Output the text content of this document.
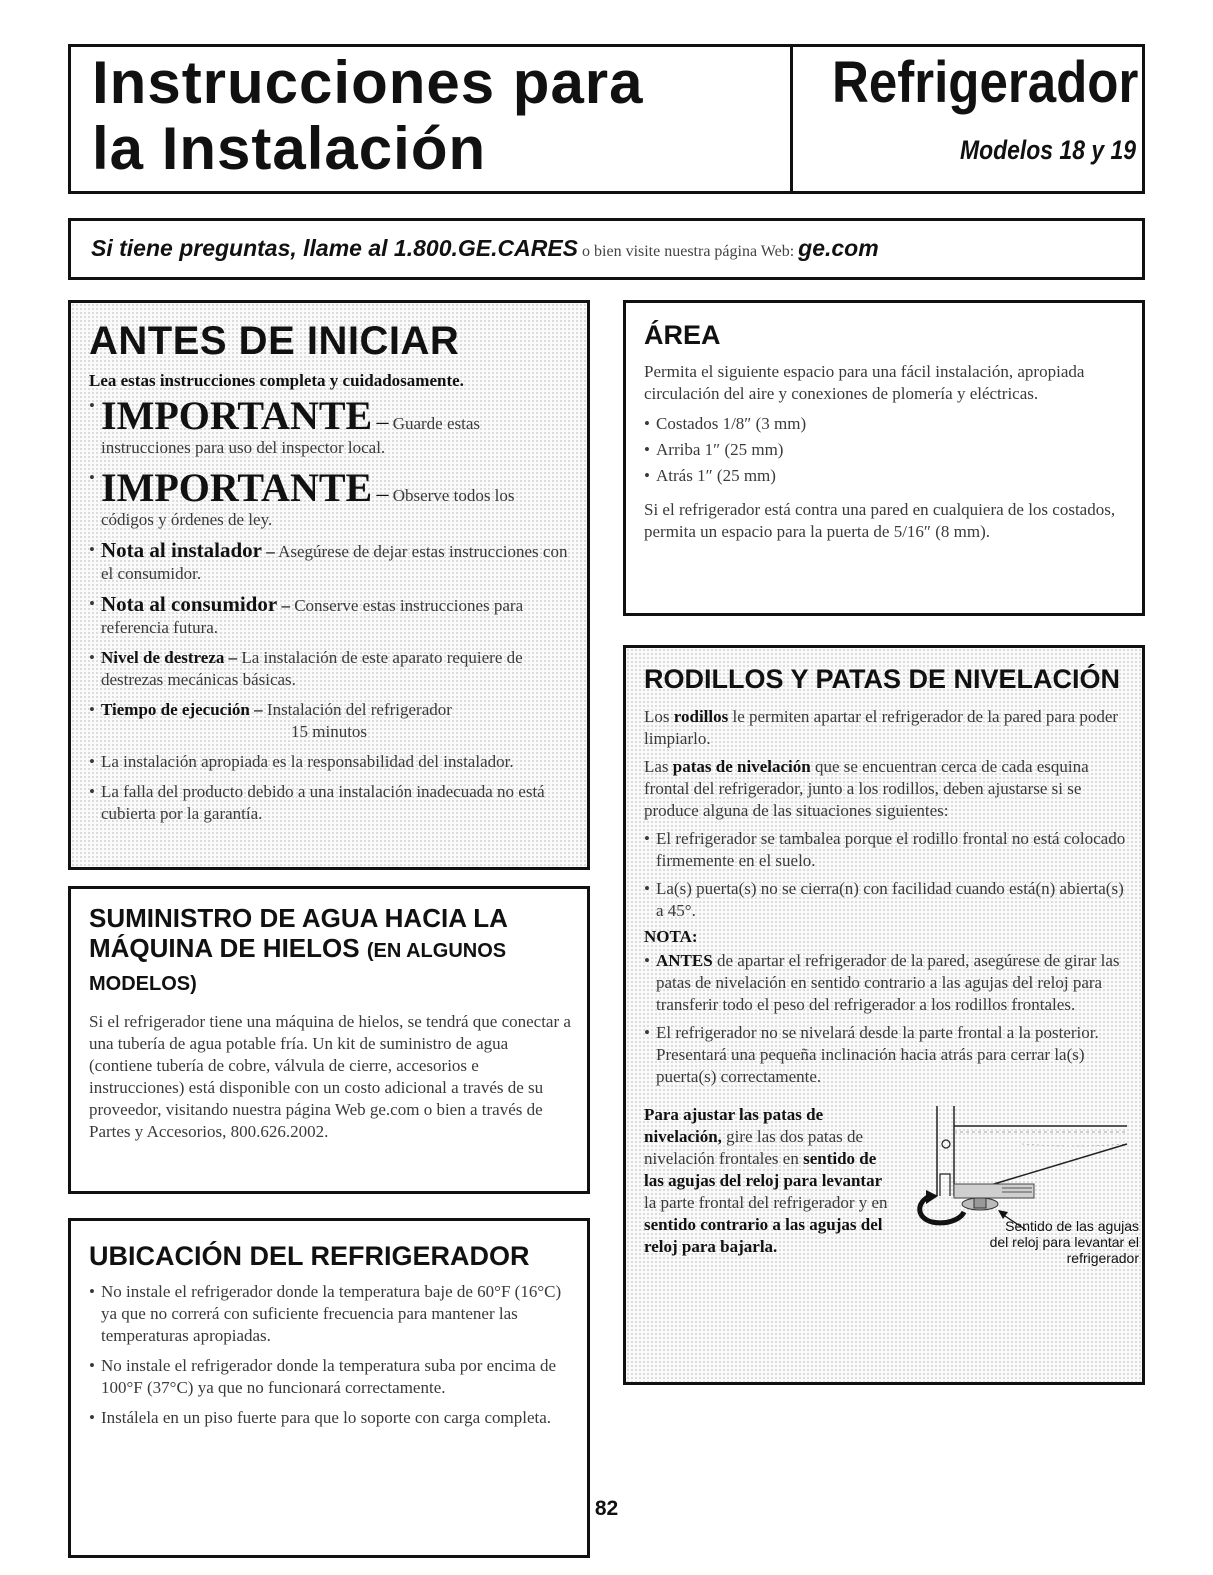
Instrucciones para
la Instalación
Refrigerador
Modelos 18 y 19
Si tiene preguntas, llame al 1.800.GE.CARES o bien visite nuestra página Web: ge.com
ANTES DE INICIAR

Lea estas instrucciones completa y cuidadosamente.

• IMPORTANTE – Guarde estas instrucciones para uso del inspector local.
• IMPORTANTE – Observe todos los códigos y órdenes de ley.
• Nota al instalador – Asegúrese de dejar estas instrucciones con el consumidor.
• Nota al consumidor – Conserve estas instrucciones para referencia futura.
• Nivel de destreza – La instalación de este aparato requiere de destrezas mecánicas básicas.
• Tiempo de ejecución – Instalación del refrigerador
15 minutos
• La instalación apropiada es la responsabilidad del instalador.
• La falla del producto debido a una instalación inadecuada no está cubierta por la garantía.
SUMINISTRO DE AGUA HACIA LA MÁQUINA DE HIELOS (EN ALGUNOS
MODELOS)

Si el refrigerador tiene una máquina de hielos, se tendrá que conectar a una tubería de agua potable fría. Un kit de suministro de agua (contiene tubería de cobre, válvula de cierre, accesorios e instrucciones) está disponible con un costo adicional a través de su proveedor, visitando nuestra página Web ge.com o bien a través de Partes y Accesorios, 800.626.2002.

UBICACIÓN DEL REFRIGERADOR
• No instale el refrigerador donde la temperatura baje de 60°F (16°C) ya que no correrá con suficiente frecuencia para mantener las temperaturas apropiadas.
• No instale el refrigerador donde la temperatura suba por encima de 100°F (37°C) ya que no funcionará correctamente.
• Instálela en un piso fuerte para que lo soporte con carga completa.
ÁREA

Permita el siguiente espacio para una fácil instalación, apropiada circulación del aire y conexiones de plomería y eléctricas.

• Costados 1/8″ (3 mm)
• Arriba 1″ (25 mm)
• Atrás 1″ (25 mm)

Si el refrigerador está contra una pared en cualquiera de los costados, permita un espacio para la puerta de 5/16″ (8 mm).

RODILLOS Y PATAS DE NIVELACIÓN

Los rodillos le permiten apartar el refrigerador de la pared para poder limpiarlo.

Las patas de nivelación que se encuentran cerca de cada esquina frontal del refrigerador, junto a los rodillos, deben ajustarse si se produce alguna de las situaciones siguientes:

• El refrigerador se tambalea porque el rodillo frontal no está colocado firmemente en el suelo.
• La(s) puerta(s) no se cierra(n) con facilidad cuando está(n) abierta(s) a 45°.

NOTA:

• ANTES de apartar el refrigerador de la pared, asegúrese de girar las patas de nivelación en sentido contrario a las agujas del reloj para transferir todo el peso del refrigerador a los rodillos frontales.
• El refrigerador no se nivelará desde la parte frontal a la posterior. Presentará una pequeña inclinación hacia atrás para cerrar la(s) puerta(s) correctamente.

Para ajustar las patas de nivelación, gire las dos patas de nivelación frontales en sentido de las agujas del reloj para levantar la parte frontal del refrigerador y en sentido contrario a las agujas del reloj para bajarla.

Sentido de las agujas del reloj para levantar el refrigerador
82
